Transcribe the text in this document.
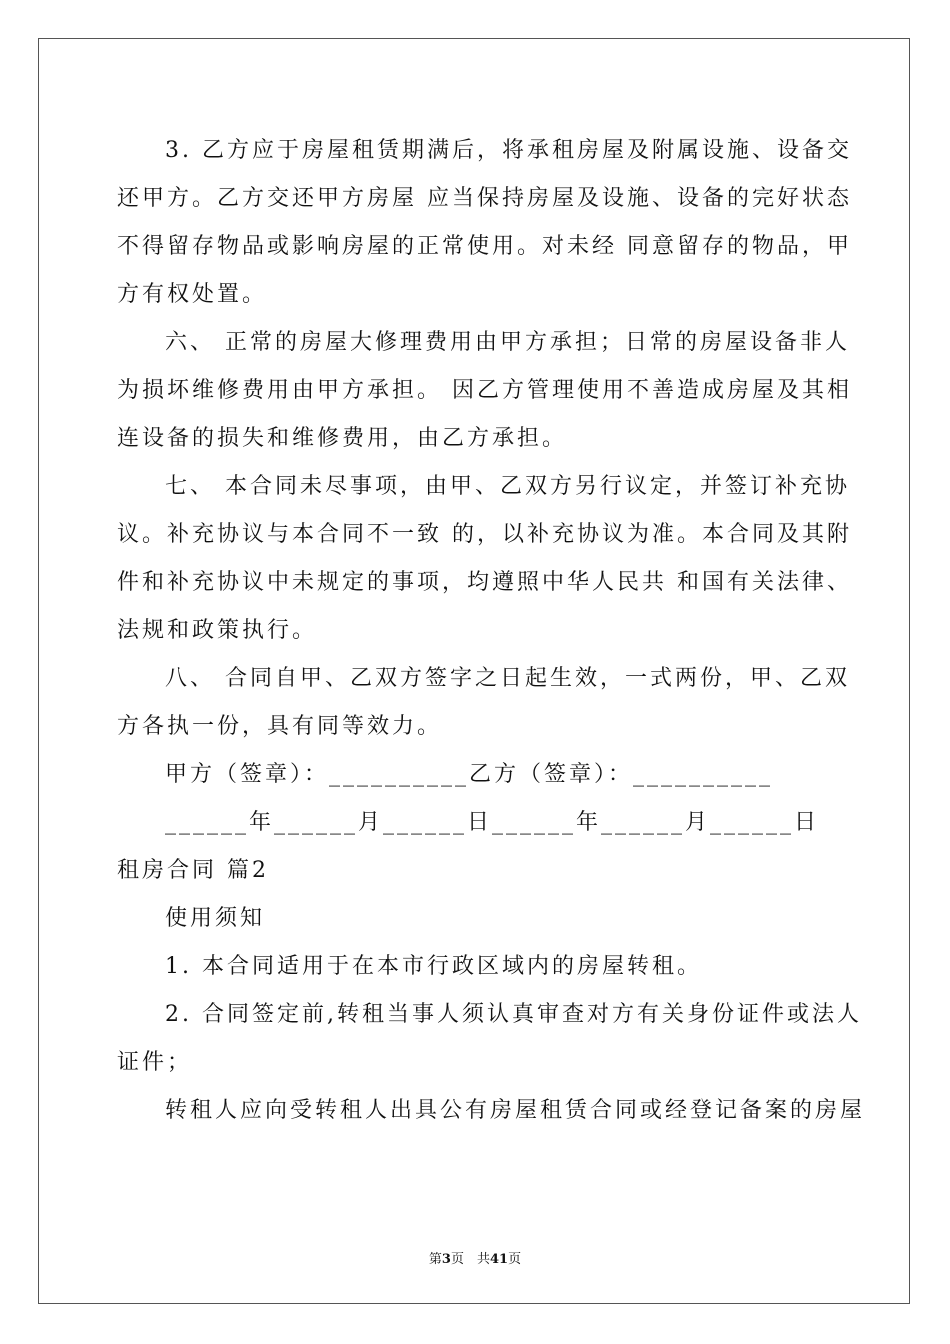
3. 乙方应于房屋租赁期满后，将承租房屋及附属设施、设备交
还甲方。乙方交还甲方房屋 应当保持房屋及设施、设备的完好状态
不得留存物品或影响房屋的正常使用。对未经 同意留存的物品，甲
方有权处置。
六、 正常的房屋大修理费用由甲方承担；日常的房屋设备非人
为损坏维修费用由甲方承担。 因乙方管理使用不善造成房屋及其相
连设备的损失和维修费用，由乙方承担。
七、 本合同未尽事项，由甲、乙双方另行议定，并签订补充协
议。补充协议与本合同不一致 的，以补充协议为准。本合同及其附
件和补充协议中未规定的事项，均遵照中华人民共 和国有关法律、
法规和政策执行。
八、 合同自甲、乙双方签字之日起生效，一式两份，甲、乙双
方各执一份，具有同等效力。
甲方（签章）：__________乙方（签章）：__________
______年______月______日______年______月______日
租房合同 篇2
使用须知
1. 本合同适用于在本市行政区域内的房屋转租。
2. 合同签定前,转租当事人须认真审查对方有关身份证件或法人
证件；
转租人应向受转租人出具公有房屋租赁合同或经登记备案的房屋
第3页　共41页
